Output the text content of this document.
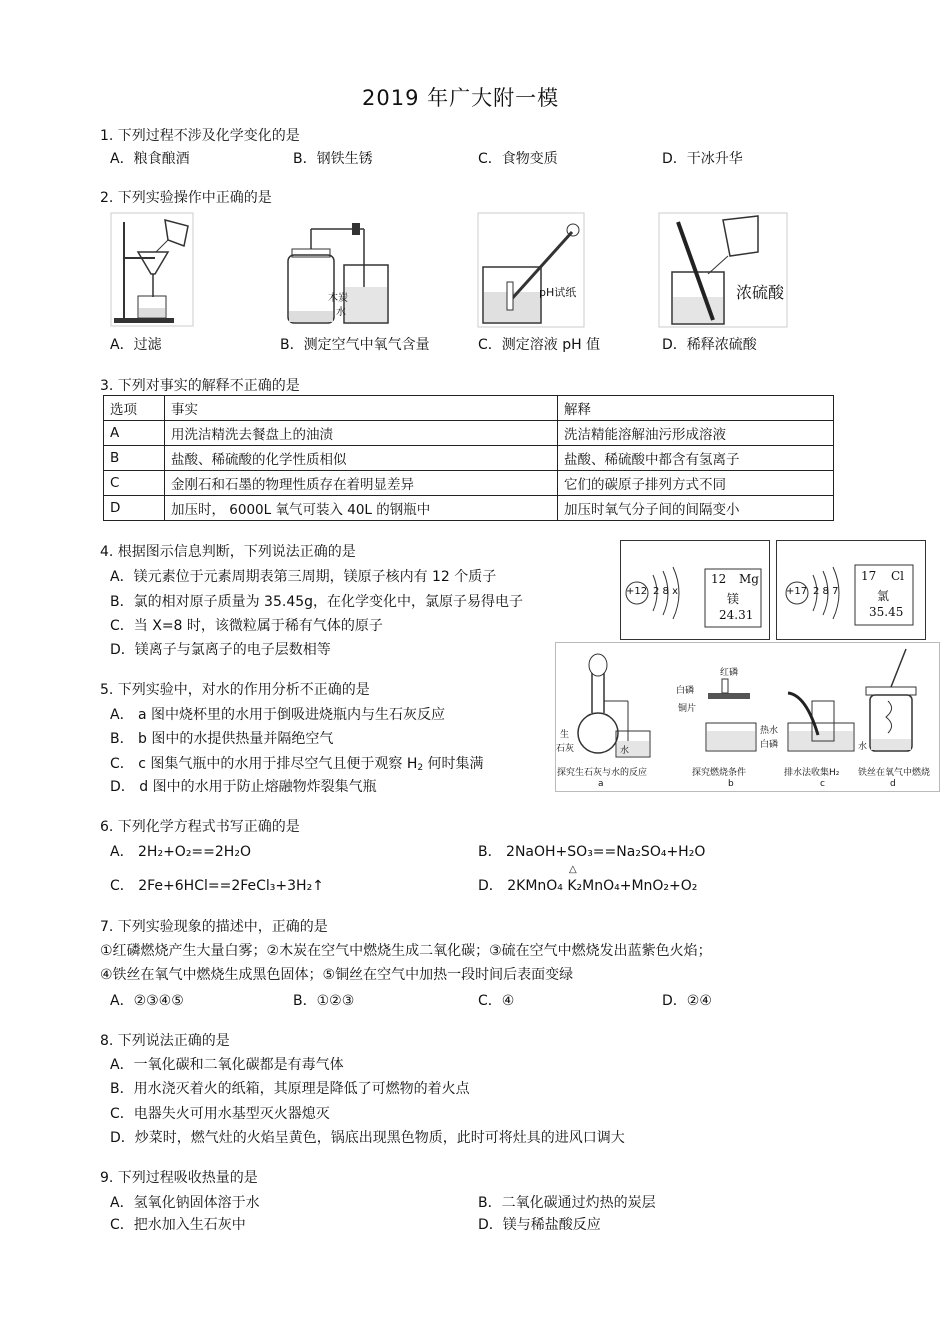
2019 年广大附一模
1. 下列过程不涉及化学变化的是
A．粮食酿酒	B．钢铁生锈	C．食物变质	D．干冰升华
2. 下列实验操作中正确的是
木炭
水
pH试纸	浓硫酸
A．过滤	B．测定空气中氧气含量	C．测定溶液 pH 值	D．稀释浓硫酸
3. 下列对事实的解释不正确的是
选项	事实	解释
A	用洗洁精洗去餐盘上的油渍	洗洁精能溶解油污形成溶液
B	盐酸、稀硫酸的化学性质相似	盐酸、稀硫酸中都含有氢离子
C	金刚石和石墨的物理性质存在着明显差异	它们的碳原子排列方式不同
D	加压时， 6000L 氧气可装入 40L 的钢瓶中	加压时氧气分子间的间隔变小
4. 根据图示信息判断，下列说法正确的是
A．镁元素位于元素周期表第三周期，镁原子核内有 12 个质子
B．氯的相对原子质量为 35.45g，在化学变化中，氯原子易得电子
C．当 X=8 时，该微粒属于稀有气体的原子
D．镁离子与氯离子的电子层数相等
+12 2 8 x
12 Mg
镁
24.31
+17 2 8 7
17 Cl
氯
35.45
5. 下列实验中，对水的作用分析不正确的是
A． a 图中烧杯里的水用于倒吸进烧瓶内与生石灰反应
B． b 图中的水提供热量并隔绝空气
C． c 图集气瓶中的水用于排尽空气且便于观察 $H_2$ 何时集满
D． d 图中的水用于防止熔融物炸裂集气瓶
生
石灰	水
红磷
白磷
铜片
热水
白磷	水
探究生石灰与水的反应	探究燃烧条件	排水法收集H₂ 铁丝在氧气中燃烧
a	b	c	d
6. 下列化学方程式书写正确的是
A． 2H₂+O₂==2H₂O	B． 2NaOH+SO₃==Na₂SO₄+H₂O
C． 2Fe+6HCl==2FeCl₃+3H₂↑
△
D． 2KMnO₄ K₂MnO₄+MnO₂+O₂
7. 下列实验现象的描述中，正确的是
①红磷燃烧产生大量白雾；②木炭在空气中燃烧生成二氧化碳；③硫在空气中燃烧发出蓝紫色火焰；
④铁丝在氧气中燃烧生成黑色固体；⑤铜丝在空气中加热一段时间后表面变绿
A．②③④⑤	B．①②③	C．④	D．②④
8. 下列说法正确的是
A．一氧化碳和二氧化碳都是有毒气体
B．用水浇灭着火的纸箱，其原理是降低了可燃物的着火点
C．电器失火可用水基型灭火器熄灭
D．炒菜时，燃气灶的火焰呈黄色，锅底出现黑色物质，此时可将灶具的进风口调大
9. 下列过程吸收热量的是
A．氢氧化钠固体溶于水	B．二氧化碳通过灼热的炭层
C．把水加入生石灰中	D．镁与稀盐酸反应
